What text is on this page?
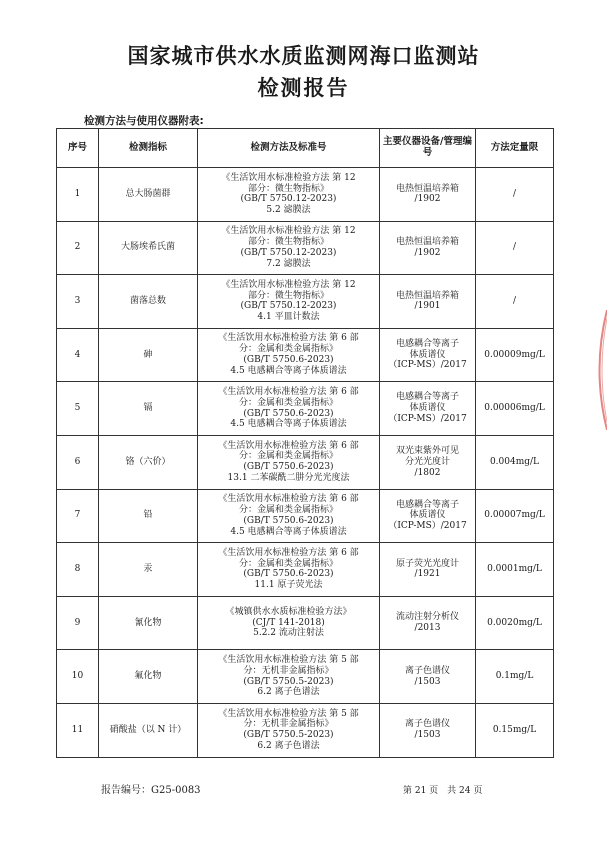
国家城市供水水质监测网海口监测站
检测报告
检测方法与使用仪器附表:
序号	检测指标	检测方法及标准号	主要仪器设备/管理编号	方法定量限
1	总大肠菌群	《生活饮用水标准检验方法 第 12
部分：微生物指标》
(GB/T 5750.12-2023)
5.2 滤膜法	电热恒温培养箱
/1902	/
2	大肠埃希氏菌	《生活饮用水标准检验方法 第 12
部分：微生物指标》
(GB/T 5750.12-2023)
7.2 滤膜法	电热恒温培养箱
/1902	/
3	菌落总数	《生活饮用水标准检验方法 第 12
部分：微生物指标》
(GB/T 5750.12-2023)
4.1 平皿计数法	电热恒温培养箱
/1901	/
4	砷	《生活饮用水标准检验方法 第 6 部
分：金属和类金属指标》
(GB/T 5750.6-2023)
4.5 电感耦合等离子体质谱法	电感耦合等离子
体质谱仪
（ICP-MS）/2017	0.00009mg/L
5	镉	《生活饮用水标准检验方法 第 6 部
分：金属和类金属指标》
(GB/T 5750.6-2023)
4.5 电感耦合等离子体质谱法	电感耦合等离子
体质谱仪
（ICP-MS）/2017	0.00006mg/L
6	铬（六价）	《生活饮用水标准检验方法 第 6 部
分：金属和类金属指标》
(GB/T 5750.6-2023)
13.1 二苯碳酰二肼分光光度法	双光束紫外可见
分光光度计
/1802	0.004mg/L
7	铅	《生活饮用水标准检验方法 第 6 部
分：金属和类金属指标》
(GB/T 5750.6-2023)
4.5 电感耦合等离子体质谱法	电感耦合等离子
体质谱仪
（ICP-MS）/2017	0.00007mg/L
8	汞	《生活饮用水标准检验方法 第 6 部
分：金属和类金属指标》
(GB/T 5750.6-2023)
11.1 原子荧光法	原子荧光光度计
/1921	0.0001mg/L
9	氰化物	《城镇供水水质标准检验方法》
(CJ/T 141-2018)
5.2.2 流动注射法	流动注射分析仪
/2013	0.0020mg/L
10	氟化物	《生活饮用水标准检验方法 第 5 部
分：无机非金属指标》
(GB/T 5750.5-2023)
6.2 离子色谱法	离子色谱仪
/1503	0.1mg/L
11	硝酸盐（以 N 计）	《生活饮用水标准检验方法 第 5 部
分：无机非金属指标》
(GB/T 5750.5-2023)
6.2 离子色谱法	离子色谱仪
/1503	0.15mg/L
报告编号：G25-0083	第 21 页　共 24 页
